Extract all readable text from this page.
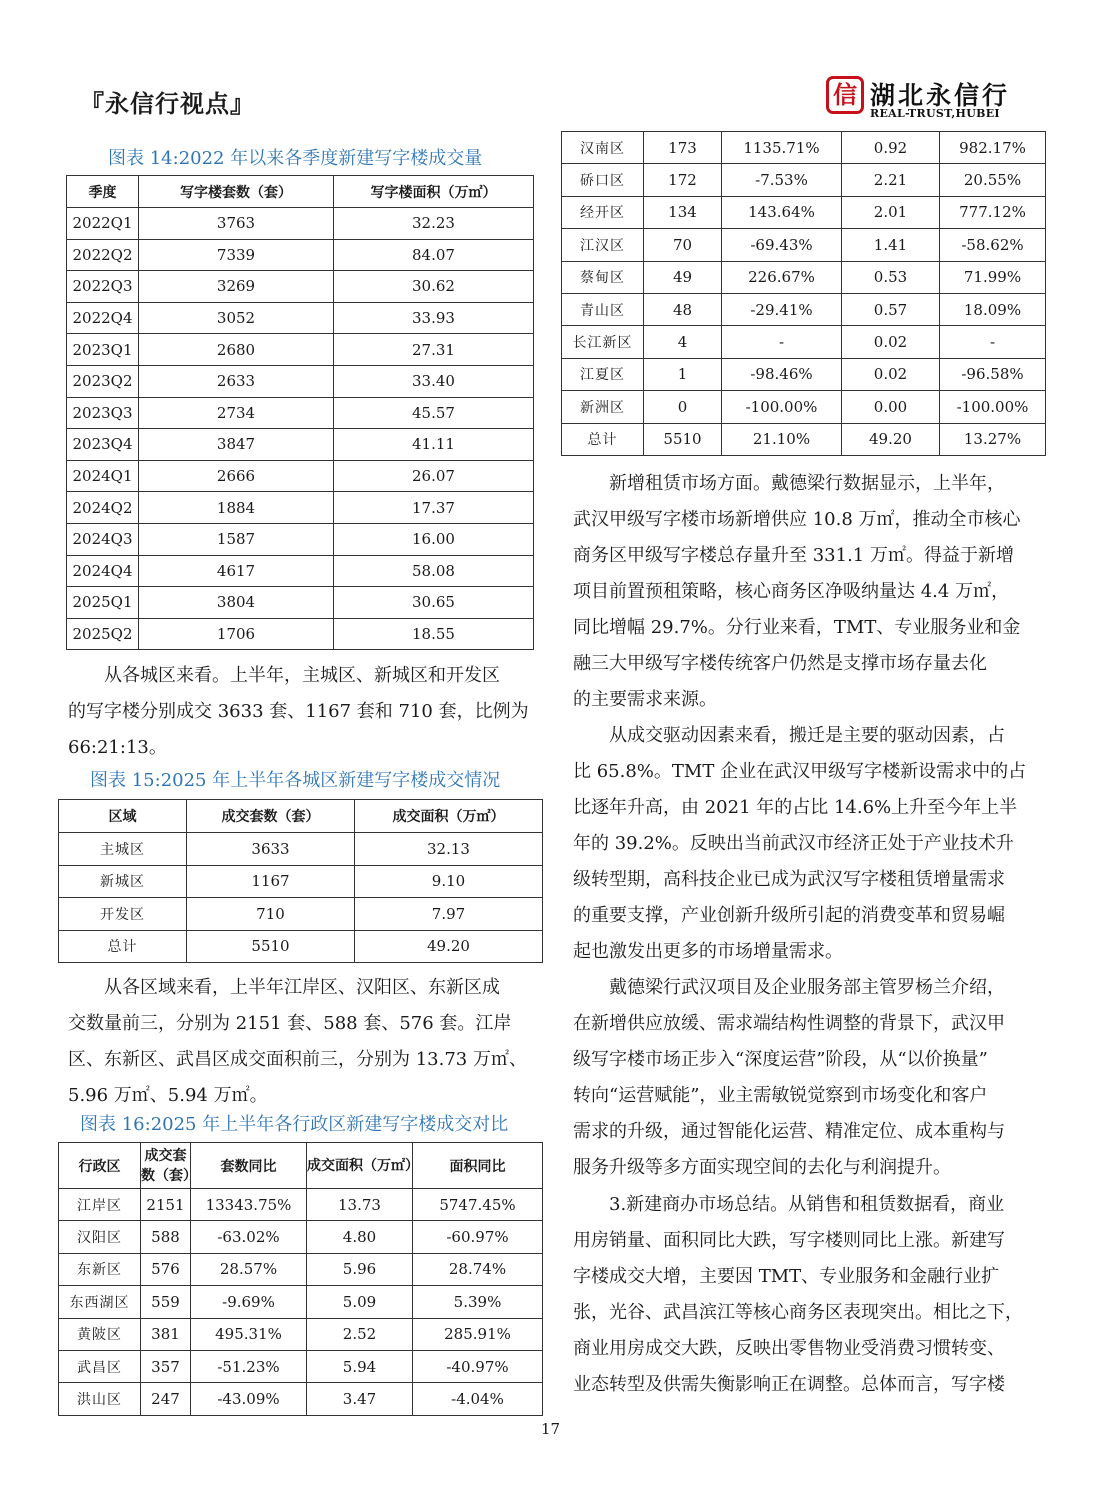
『永信行视点』	信 湖北永信行
REAL-TRUST,HUBEI
图表 14:2022 年以来各季度新建写字楼成交量
季度	写字楼套数（套）	写字楼面积（万㎡）
2022Q1	3763	32.23
2022Q2	7339	84.07
2022Q3	3269	30.62
2022Q4	3052	33.93
2023Q1	2680	27.31
2023Q2	2633	33.40
2023Q3	2734	45.57
2023Q4	3847	41.11
2024Q1	2666	26.07
2024Q2	1884	17.37
2024Q3	1587	16.00
2024Q4	4617	58.08
2025Q1	3804	30.65
2025Q2	1706	18.55
从各城区来看。上半年，主城区、新城区和开发区
的写字楼分别成交 3633 套、1167 套和 710 套，比例为
66:21:13。
图表 15:2025 年上半年各城区新建写字楼成交情况
区域	成交套数（套）	成交面积（万㎡）
主城区	3633	32.13
新城区	1167	9.10
开发区	710	7.97
总计	5510	49.20
从各区域来看，上半年江岸区、汉阳区、东新区成
交数量前三，分别为 2151 套、588 套、576 套。江岸
区、东新区、武昌区成交面积前三，分别为 13.73 万㎡、
5.96 万㎡、5.94 万㎡。
图表 16:2025 年上半年各行政区新建写字楼成交对比
行政区	成交套数（套）	套数同比	成交面积（万㎡）	面积同比
江岸区	2151	13343.75%	13.73	5747.45%
汉阳区	588	-63.02%	4.80	-60.97%
东新区	576	28.57%	5.96	28.74%
东西湖区	559	-9.69%	5.09	5.39%
黄陂区	381	495.31%	2.52	285.91%
武昌区	357	-51.23%	5.94	-40.97%
洪山区	247	-43.09%	3.47	-4.04%
汉南区	173	1135.71%	0.92	982.17%
硚口区	172	-7.53%	2.21	20.55%
经开区	134	143.64%	2.01	777.12%
江汉区	70	-69.43%	1.41	-58.62%
蔡甸区	49	226.67%	0.53	71.99%
青山区	48	-29.41%	0.57	18.09%
长江新区	4	-	0.02	-
江夏区	1	-98.46%	0.02	-96.58%
新洲区	0	-100.00%	0.00	-100.00%
总计	5510	21.10%	49.20	13.27%
新增租赁市场方面。戴德梁行数据显示，上半年，
武汉甲级写字楼市场新增供应 10.8 万㎡，推动全市核心
商务区甲级写字楼总存量升至 331.1 万㎡。得益于新增
项目前置预租策略，核心商务区净吸纳量达 4.4 万㎡，
同比增幅 29.7%。分行业来看，TMT、专业服务业和金
融三大甲级写字楼传统客户仍然是支撑市场存量去化
的主要需求来源。
从成交驱动因素来看，搬迁是主要的驱动因素，占
比 65.8%。TMT 企业在武汉甲级写字楼新设需求中的占
比逐年升高，由 2021 年的占比 14.6%上升至今年上半
年的 39.2%。反映出当前武汉市经济正处于产业技术升
级转型期，高科技企业已成为武汉写字楼租赁增量需求
的重要支撑，产业创新升级所引起的消费变革和贸易崛
起也激发出更多的市场增量需求。
戴德梁行武汉项目及企业服务部主管罗杨兰介绍，
在新增供应放缓、需求端结构性调整的背景下，武汉甲
级写字楼市场正步入“深度运营”阶段，从“以价换量”
转向“运营赋能”，业主需敏锐觉察到市场变化和客户
需求的升级，通过智能化运营、精准定位、成本重构与
服务升级等多方面实现空间的去化与利润提升。
3.新建商办市场总结。从销售和租赁数据看，商业
用房销量、面积同比大跌，写字楼则同比上涨。新建写
字楼成交大增，主要因 TMT、专业服务和金融行业扩
张，光谷、武昌滨江等核心商务区表现突出。相比之下，
商业用房成交大跌，反映出零售物业受消费习惯转变、
业态转型及供需失衡影响正在调整。总体而言，写字楼
17
